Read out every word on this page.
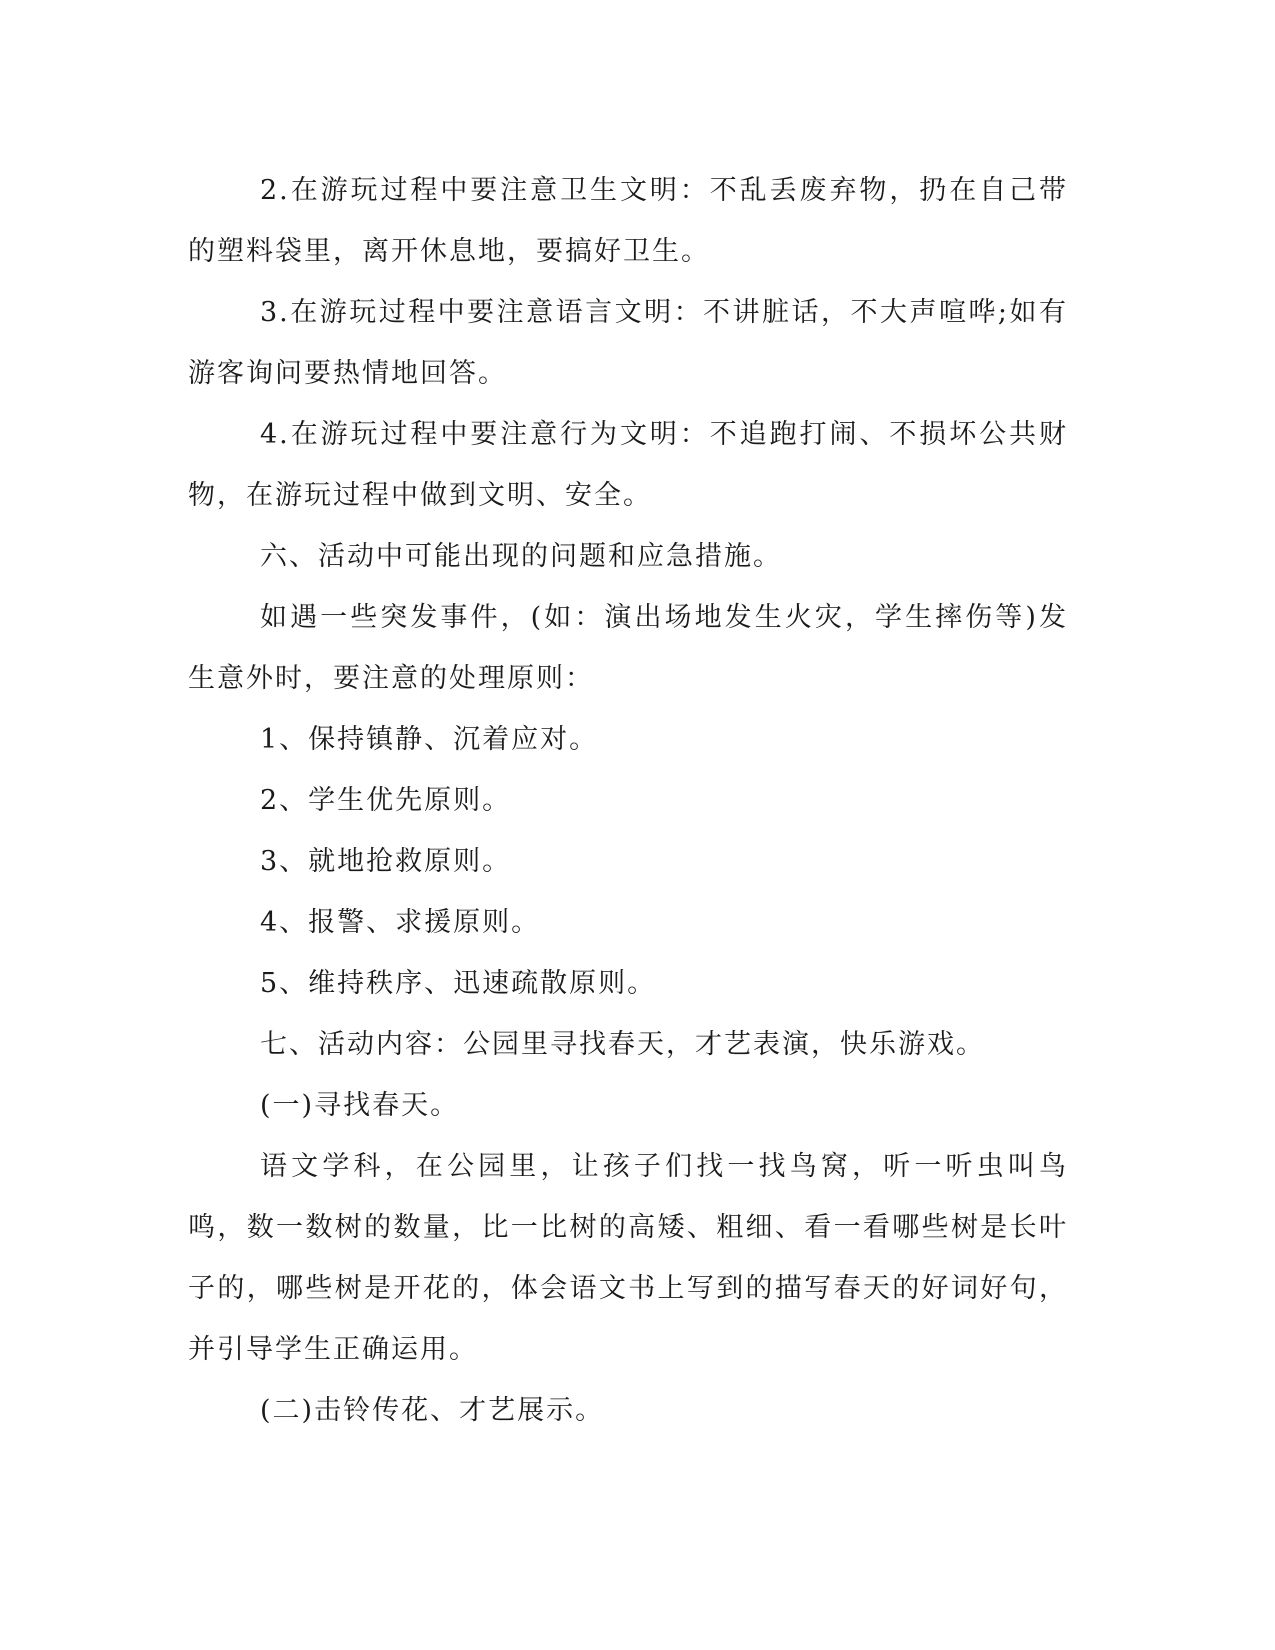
2.在游玩过程中要注意卫生文明：不乱丢废弃物，扔在自己带的塑料袋里，离开休息地，要搞好卫生。

3.在游玩过程中要注意语言文明：不讲脏话，不大声喧哗;如有游客询问要热情地回答。

4.在游玩过程中要注意行为文明：不追跑打闹、不损坏公共财物，在游玩过程中做到文明、安全。

六、活动中可能出现的问题和应急措施。

如遇一些突发事件，(如：演出场地发生火灾，学生摔伤等)发生意外时，要注意的处理原则：

1、保持镇静、沉着应对。

2、学生优先原则。

3、就地抢救原则。

4、报警、求援原则。

5、维持秩序、迅速疏散原则。

七、活动内容：公园里寻找春天，才艺表演，快乐游戏。

(一)寻找春天。

语文学科，在公园里，让孩子们找一找鸟窝，听一听虫叫鸟鸣，数一数树的数量，比一比树的高矮、粗细、看一看哪些树是长叶子的，哪些树是开花的，体会语文书上写到的描写春天的好词好句，并引导学生正确运用。

(二)击铃传花、才艺展示。
